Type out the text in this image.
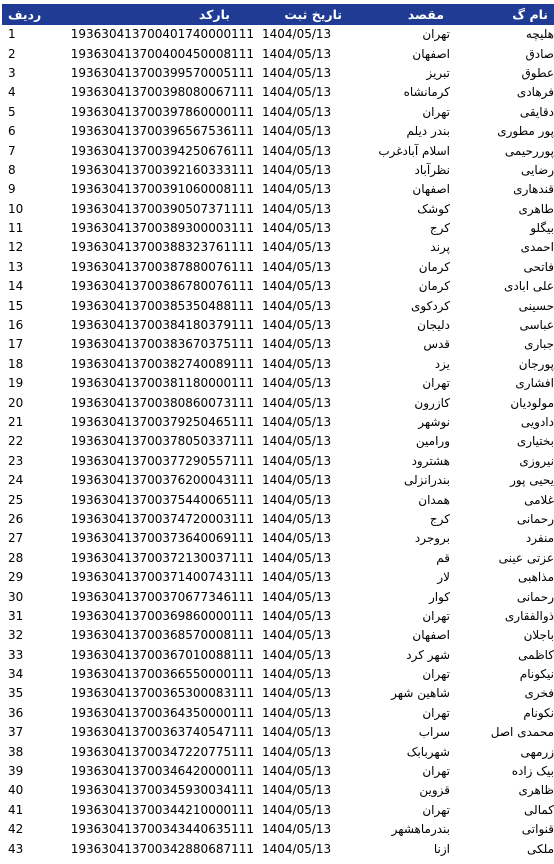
نام گ	مقصد	تاریخ ثبت	بارکد	ردیف
هلیچه	تهران	1404/05/13	193630413700401740000111	1
صادق	اصفهان	1404/05/13	193630413700400450008111	2
عطوق	تبریز	1404/05/13	193630413700399570005111	3
فرهادی	کرمانشاه	1404/05/13	193630413700398080067111	4
دقایقی	تهران	1404/05/13	193630413700397860000111	5
پور مطوری	بندر دیلم	1404/05/13	193630413700396567536111	6
پوررحیمی	اسلام آبادغرب	1404/05/13	193630413700394250676111	7
رضایی	نظرآباد	1404/05/13	193630413700392160333111	8
قندهاری	اصفهان	1404/05/13	193630413700391060008111	9
طاهری	کوشک	1404/05/13	193630413700390507371111	10
بیگلو	کرج	1404/05/13	193630413700389300003111	11
احمدی	پرند	1404/05/13	193630413700388323761111	12
فاتحی	کرمان	1404/05/13	193630413700387880076111	13
علی ابادی	کرمان	1404/05/13	193630413700386780076111	14
حسینی	کردکوی	1404/05/13	193630413700385350488111	15
عباسی	دلیجان	1404/05/13	193630413700384180379111	16
جباری	قدس	1404/05/13	193630413700383670375111	17
پورجان	یزد	1404/05/13	193630413700382740089111	18
افشاری	تهران	1404/05/13	193630413700381180000111	19
مولودیان	کازرون	1404/05/13	193630413700380860073111	20
دادویی	نوشهر	1404/05/13	193630413700379250465111	21
بختیاری	ورامین	1404/05/13	193630413700378050337111	22
نیروزی	هشترود	1404/05/13	193630413700377290557111	23
یحیی پور	بندرانزلی	1404/05/13	193630413700376200043111	24
غلامی	همدان	1404/05/13	193630413700375440065111	25
رحمانی	کرج	1404/05/13	193630413700374720003111	26
منفرد	بروجرد	1404/05/13	193630413700373640069111	27
عزتی عینی	قم	1404/05/13	193630413700372130037111	28
مذاهبی	لار	1404/05/13	193630413700371400743111	29
رحمانی	کوار	1404/05/13	193630413700370677346111	30
ذوالفقاری	تهران	1404/05/13	193630413700369860000111	31
باجلان	اصفهان	1404/05/13	193630413700368570008111	32
کاظمی	شهر کرد	1404/05/13	193630413700367010088111	33
نیکونام	تهران	1404/05/13	193630413700366550000111	34
فخری	شاهین شهر	1404/05/13	193630413700365300083111	35
نکونام	تهران	1404/05/13	193630413700364350000111	36
محمدی اصل	سراب	1404/05/13	193630413700363740547111	37
زرمهی	شهربابک	1404/05/13	193630413700347220775111	38
بیک زاده	تهران	1404/05/13	193630413700346420000111	39
ظاهری	قزوین	1404/05/13	193630413700345930034111	40
کمالی	تهران	1404/05/13	193630413700344210000111	41
قنواتی	بندرماهشهر	1404/05/13	193630413700343440635111	42
ملکی	ازنا	1404/05/13	193630413700342880687111	43
